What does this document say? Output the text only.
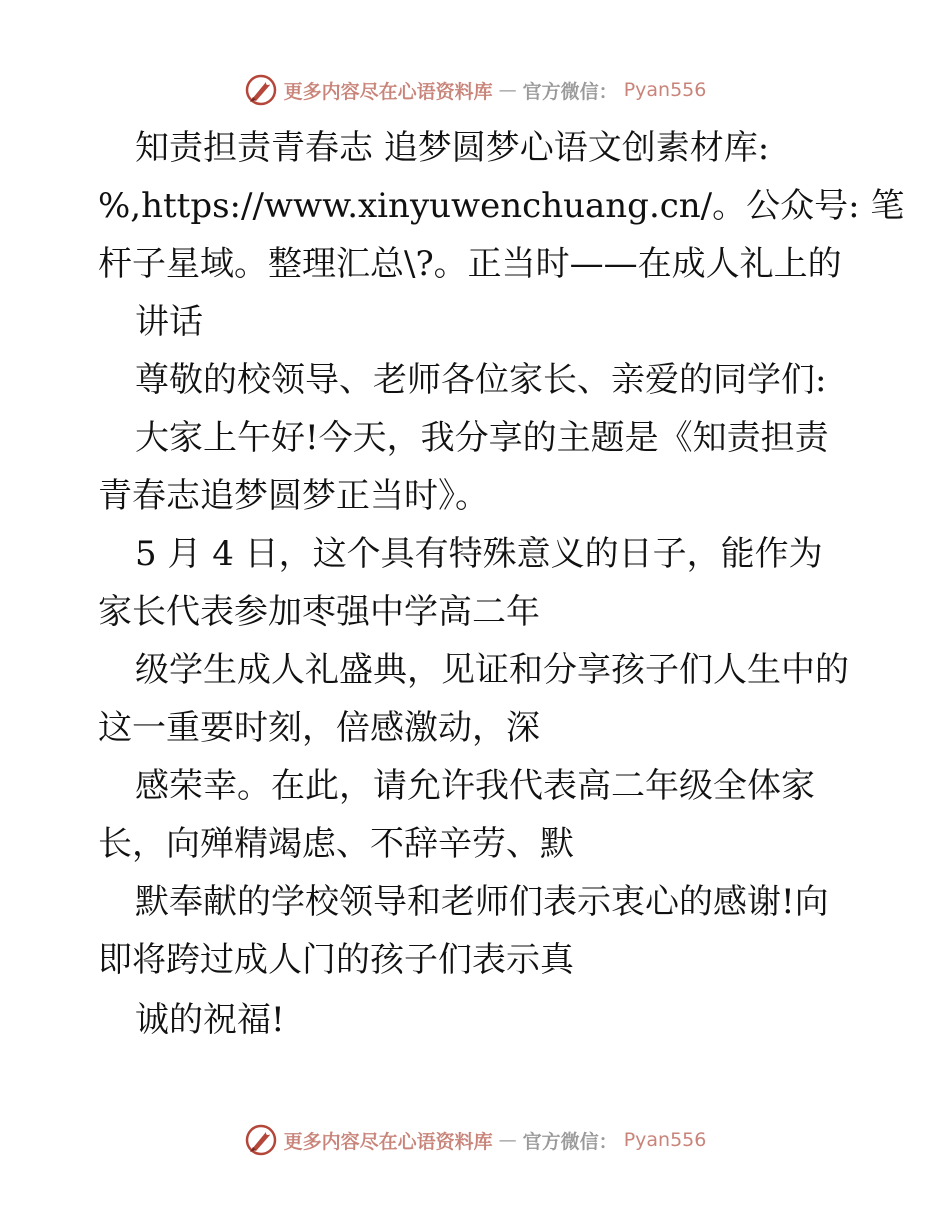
更多内容尽在心语资料库 — 官方微信： Pyan556
知责担责青春志 追梦圆梦心语文创素材库:
%,https://www.xinyuwenchuang.cn/。公众号: 笔
杆子星域。整理汇总\?。正当时——在成人礼上的
讲话
尊敬的校领导、老师各位家长、亲爱的同学们:
大家上午好!今天，我分享的主题是《知责担责
青春志追梦圆梦正当时》。
5 月 4 日，这个具有特殊意义的日子，能作为
家长代表参加枣强中学高二年
级学生成人礼盛典，见证和分享孩子们人生中的
这一重要时刻，倍感激动，深
感荣幸。在此，请允许我代表高二年级全体家
长，向殚精竭虑、不辞辛劳、默
默奉献的学校领导和老师们表示衷心的感谢!向
即将跨过成人门的孩子们表示真
诚的祝福!
更多内容尽在心语资料库 — 官方微信： Pyan556
